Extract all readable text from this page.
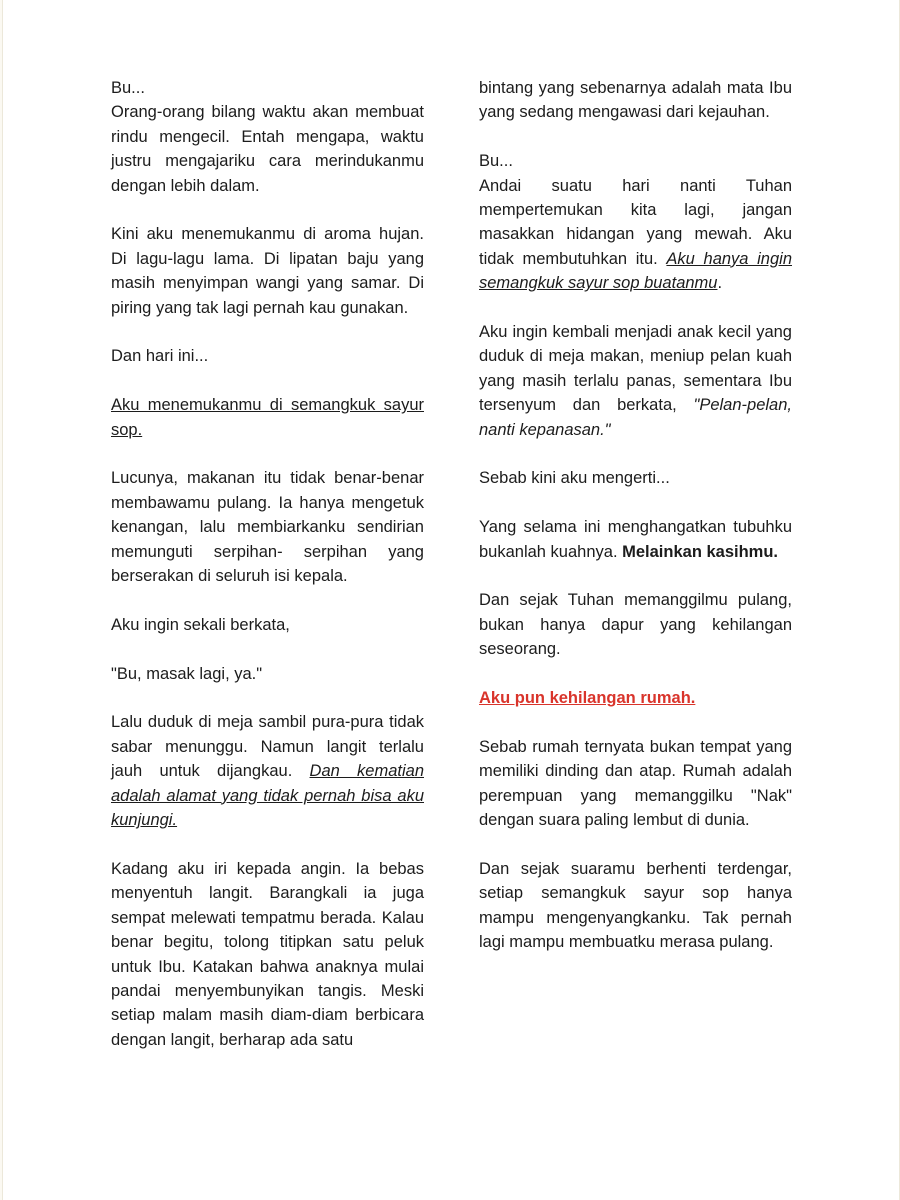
Bu...
Orang-orang bilang waktu akan membuat rindu mengecil. Entah mengapa, waktu justru mengajariku cara merindukanmu dengan lebih dalam.

Kini aku menemukanmu di aroma hujan. Di lagu-lagu lama. Di lipatan baju yang masih menyimpan wangi yang samar. Di piring yang tak lagi pernah kau gunakan.

Dan hari ini...

Aku menemukanmu di semangkuk sayur sop.

Lucunya, makanan itu tidak benar-benar membawamu pulang. Ia hanya mengetuk kenangan, lalu membiarkanku sendirian memunguti serpihan- serpihan yang berserakan di seluruh isi kepala.

Aku ingin sekali berkata,

"Bu, masak lagi, ya."

Lalu duduk di meja sambil pura-pura tidak sabar menunggu. Namun langit terlalu jauh untuk dijangkau. Dan kematian adalah alamat yang tidak pernah bisa aku kunjungi.

Kadang aku iri kepada angin. Ia bebas menyentuh langit. Barangkali ia juga sempat melewati tempatmu berada. Kalau benar begitu, tolong titipkan satu peluk untuk Ibu. Katakan bahwa anaknya mulai pandai menyembunyikan tangis. Meski setiap malam masih diam-diam berbicara dengan langit, berharap ada satu

bintang yang sebenarnya adalah mata Ibu yang sedang mengawasi dari kejauhan.

Bu...
Andai suatu hari nanti Tuhan mempertemukan kita lagi, jangan masakkan hidangan yang mewah. Aku tidak membutuhkan itu. Aku hanya ingin semangkuk sayur sop buatanmu.

Aku ingin kembali menjadi anak kecil yang duduk di meja makan, meniup pelan kuah yang masih terlalu panas, sementara Ibu tersenyum dan berkata, "Pelan-pelan, nanti kepanasan."

Sebab kini aku mengerti...

Yang selama ini menghangatkan tubuhku bukanlah kuahnya. Melainkan kasihmu.

Dan sejak Tuhan memanggilmu pulang, bukan hanya dapur yang kehilangan seseorang.

Aku pun kehilangan rumah.

Sebab rumah ternyata bukan tempat yang memiliki dinding dan atap. Rumah adalah perempuan yang memanggilku "Nak" dengan suara paling lembut di dunia.

Dan sejak suaramu berhenti terdengar, setiap semangkuk sayur sop hanya mampu mengenyangkanku. Tak pernah lagi mampu membuatku merasa pulang.
